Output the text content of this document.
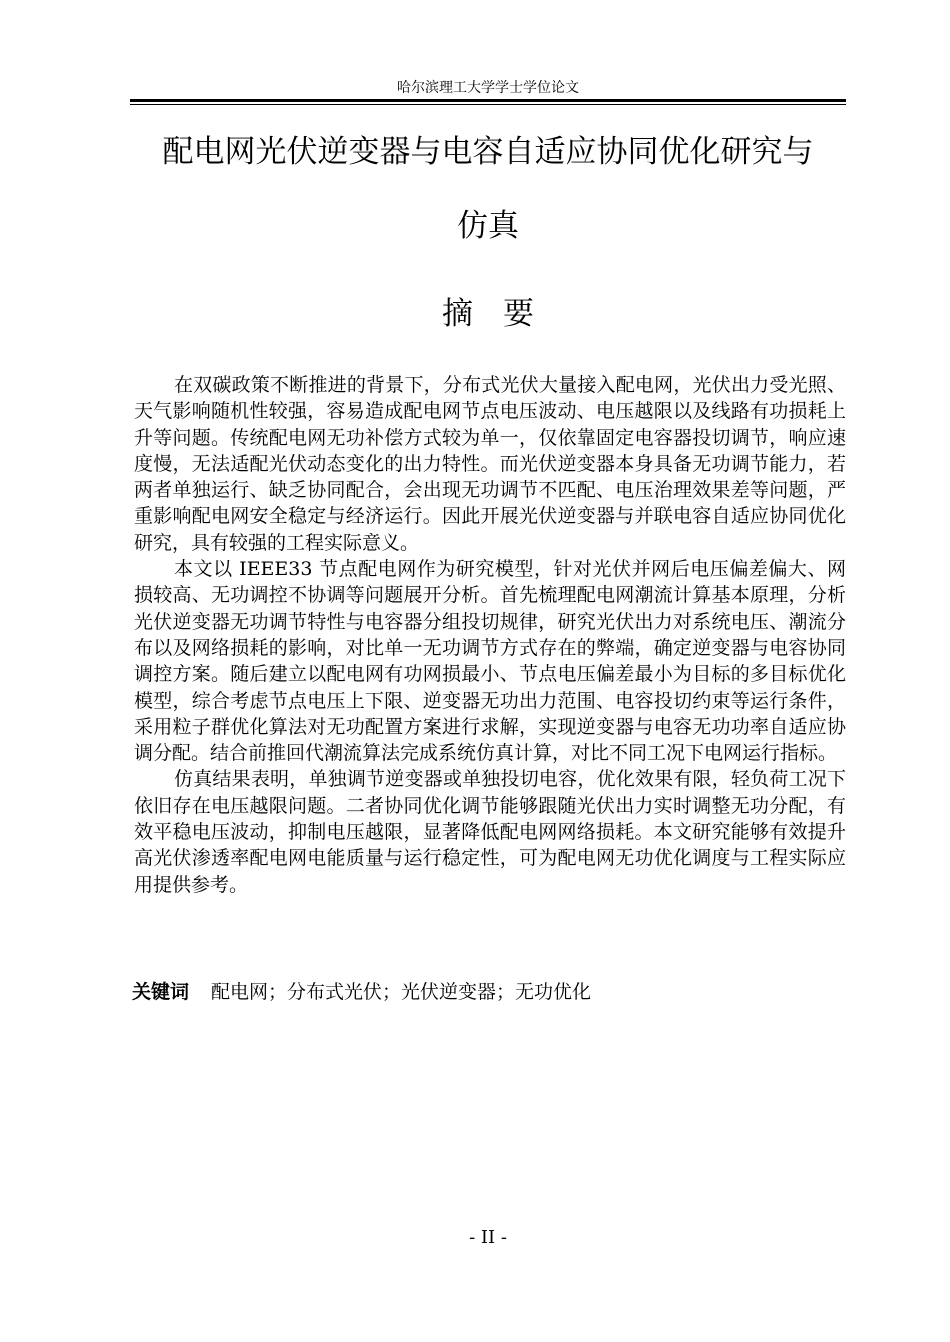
哈尔滨理工大学学士学位论文
配电网光伏逆变器与电容自适应协同优化研究与
仿真
摘要

在双碳政策不断推进的背景下，分布式光伏大量接入配电网，光伏出力受光照、天气影响随机性较强，容易造成配电网节点电压波动、电压越限以及线路有功损耗上升等问题。传统配电网无功补偿方式较为单一，仅依靠固定电容器投切调节，响应速度慢，无法适配光伏动态变化的出力特性。而光伏逆变器本身具备无功调节能力，若两者单独运行、缺乏协同配合，会出现无功调节不匹配、电压治理效果差等问题，严重影响配电网安全稳定与经济运行。因此开展光伏逆变器与并联电容自适应协同优化研究，具有较强的工程实际意义。

本文以 IEEE33 节点配电网作为研究模型，针对光伏并网后电压偏差偏大、网损较高、无功调控不协调等问题展开分析。首先梳理配电网潮流计算基本原理，分析光伏逆变器无功调节特性与电容器分组投切规律，研究光伏出力对系统电压、潮流分布以及网络损耗的影响，对比单一无功调节方式存在的弊端，确定逆变器与电容协同调控方案。随后建立以配电网有功网损最小、节点电压偏差最小为目标的多目标优化模型，综合考虑节点电压上下限、逆变器无功出力范围、电容投切约束等运行条件，采用粒子群优化算法对无功配置方案进行求解，实现逆变器与电容无功功率自适应协调分配。结合前推回代潮流算法完成系统仿真计算，对比不同工况下电网运行指标。

仿真结果表明，单独调节逆变器或单独投切电容，优化效果有限，轻负荷工况下依旧存在电压越限问题。二者协同优化调节能够跟随光伏出力实时调整无功分配，有效平稳电压波动，抑制电压越限，显著降低配电网网络损耗。本文研究能够有效提升高光伏渗透率配电网电能质量与运行稳定性，可为配电网无功优化调度与工程实际应用提供参考。

关键词 配电网；分布式光伏；光伏逆变器；无功优化
- II -
